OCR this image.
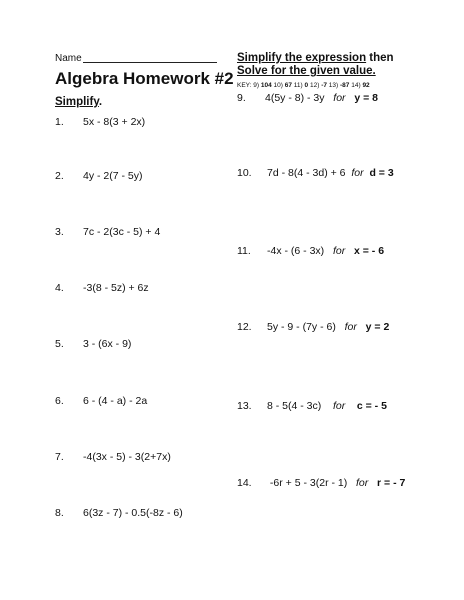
Name
Algebra Homework #2
Simplify.
1. 5x - 8(3 + 2x)
2. 4y - 2(7 - 5y)
3. 7c - 2(3c - 5) + 4
4. -3(8 - 5z) + 6z
5. 3 - (6x - 9)
6. 6 - (4 - a) - 2a
7. -4(3x - 5) - 3(2+7x)
8. 6(3z - 7) - 0.5(-8z - 6)
Simplify the expression then
Solve for the given value.
KEY: 9) 104 10) 67 11) 0 12) -7 13) -87 14) 92
9. 4(5y - 8) - 3y for y = 8
10. 7d - 8(4 - 3d) + 6 for d = 3
11. -4x - (6 - 3x) for x = - 6
12. 5y - 9 - (7y - 6) for y = 2
13. 8 - 5(4 - 3c) for c = - 5
14. -6r + 5 - 3(2r - 1) for r = - 7
